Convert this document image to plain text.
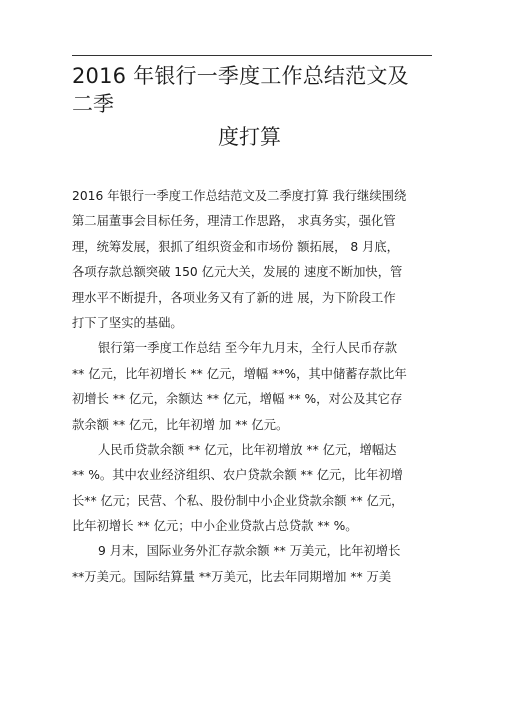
2016 年银行一季度工作总结范文及
二季
度打算
2016 年银行一季度工作总结范文及二季度打算 我行继续围绕
第二届董事会目标任务，理清工作思路， 求真务实，强化管
理，统筹发展，狠抓了组织资金和市场份 额拓展， 8 月底，
各项存款总额突破 150 亿元大关，发展的 速度不断加快，管
理水平不断提升，各项业务又有了新的进 展，为下阶段工作
打下了坚实的基础。
银行第一季度工作总结 至今年九月末，全行人民币存款
** 亿元，比年初增长 ** 亿元，增幅 **%，其中储蓄存款比年
初增长 ** 亿元，余额达 ** 亿元，增幅 ** %，对公及其它存
款余额 ** 亿元，比年初增 加 ** 亿元。
人民币贷款余额 ** 亿元，比年初增放 ** 亿元，增幅达
** %。其中农业经济组织、农户贷款余额 ** 亿元，比年初增
长** 亿元；民营、个私、股份制中小企业贷款余额 ** 亿元，
比年初增长 ** 亿元；中小企业贷款占总贷款 ** %。
9 月末，国际业务外汇存款余额 ** 万美元，比年初增长
**万美元。国际结算量 **万美元，比去年同期增加 ** 万美
